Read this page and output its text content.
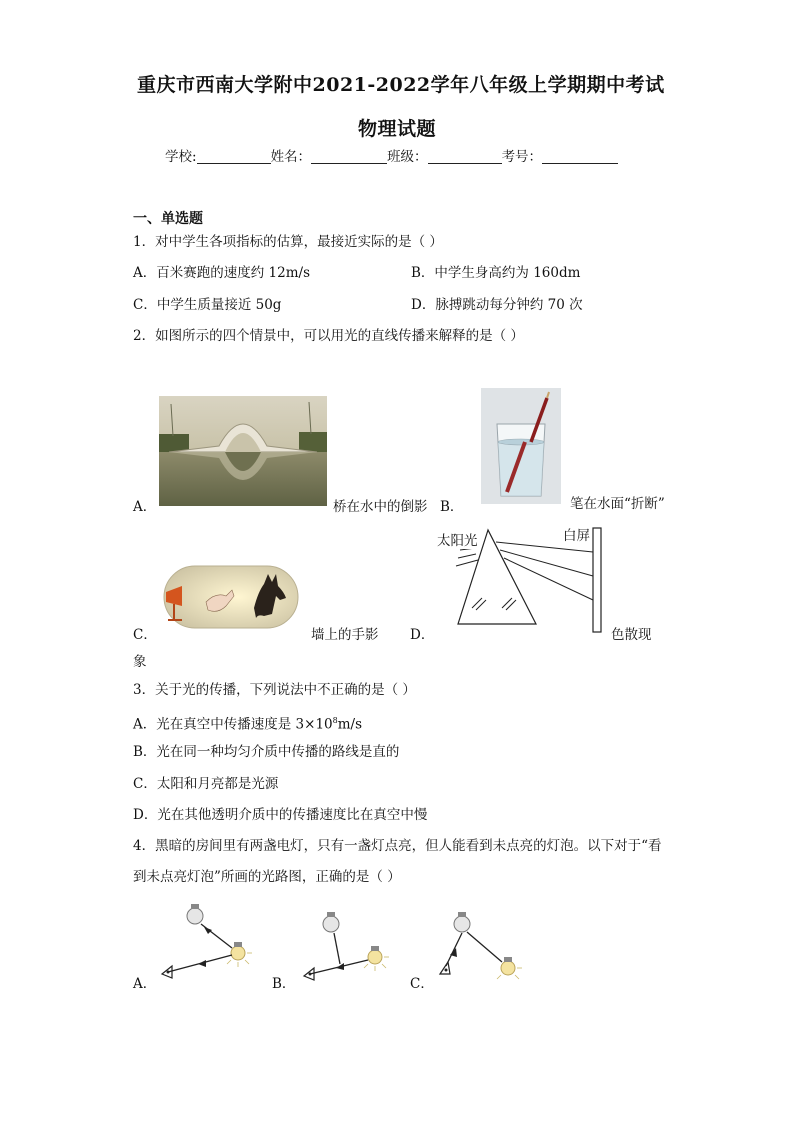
重庆市西南大学附中2021-2022学年八年级上学期期中考试
物理试题
学校:	姓名：	班级：	考号：
一、单选题
1．对中学生各项指标的估算，最接近实际的是（ ）
A．百米赛跑的速度约 12m/s	B．中学生身高约为 160dm
C．中学生质量接近 50g	D．脉搏跳动每分钟约 70 次
2．如图所示的四个情景中，可以用光的直线传播来解释的是（ ）
A．	桥在水中的倒影 B．	笔在水面“折断”
C．	墙上的手影
太阳光	白屏
D．	色散现
象
3．关于光的传播，下列说法中不正确的是（ ）
A．光在真空中传播速度是 $3\times 10^8m/s$
B．光在同一种均匀介质中传播的路线是直的
C．太阳和月亮都是光源
D．光在其他透明介质中的传播速度比在真空中慢
4．黑暗的房间里有两盏电灯，只有一盏灯点亮，但人能看到未点亮的灯泡。以下对于“看
到未点亮灯泡”所画的光路图，正确的是（ ）
A．	B．	C．
